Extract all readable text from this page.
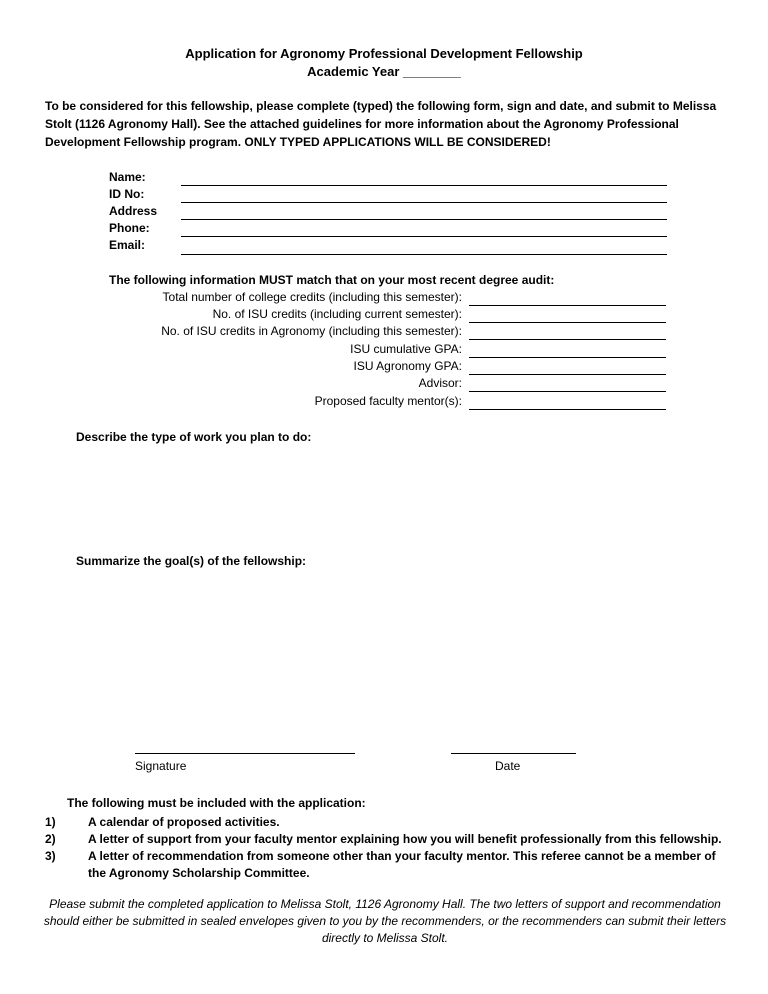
Application for Agronomy Professional Development Fellowship
Academic Year ________
To be considered for this fellowship, please complete (typed) the following form, sign and date, and submit to Melissa Stolt (1126 Agronomy Hall). See the attached guidelines for more information about the Agronomy Professional Development Fellowship program. ONLY TYPED APPLICATIONS WILL BE CONSIDERED!
Name:
ID No:
Address
Phone:
Email:
The following information MUST match that on your most recent degree audit:
Total number of college credits (including this semester):
No. of ISU credits (including current semester):
No. of ISU credits in Agronomy (including this semester):
ISU cumulative GPA:
ISU Agronomy GPA:
Advisor:
Proposed faculty mentor(s):
Describe the type of work you plan to do:
Summarize the goal(s) of the fellowship:
Signature	Date
The following must be included with the application:
1)	A calendar of proposed activities.
2)	A letter of support from your faculty mentor explaining how you will benefit professionally from this fellowship.
3)	A letter of recommendation from someone other than your faculty mentor. This referee cannot be a member of the Agronomy Scholarship Committee.
Please submit the completed application to Melissa Stolt, 1126 Agronomy Hall. The two letters of support and recommendation should either be submitted in sealed envelopes given to you by the recommenders, or the recommenders can submit their letters directly to Melissa Stolt.
